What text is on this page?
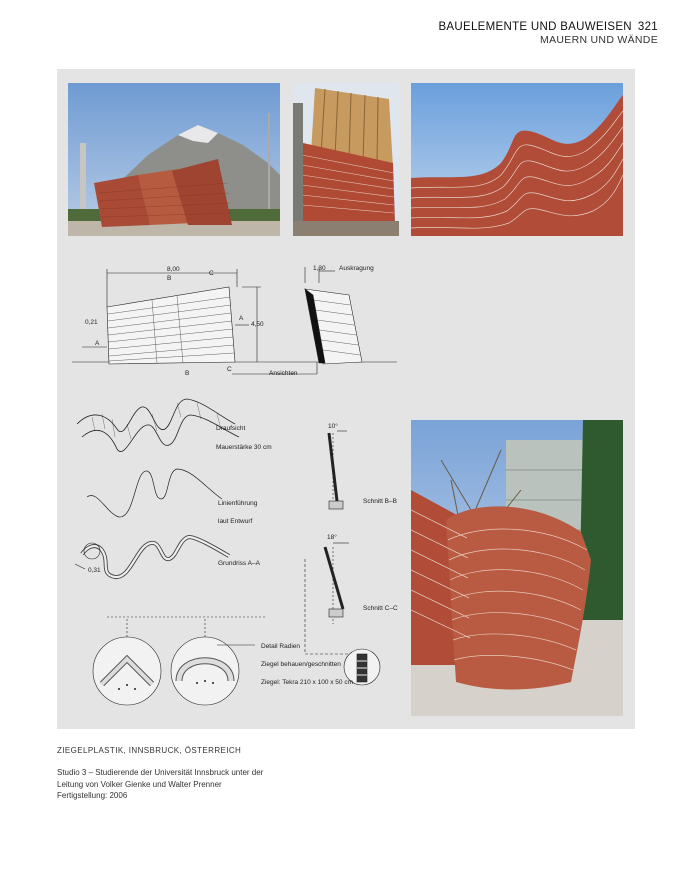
BAUELEMENTE UND BAUWEISEN 321
MAUERN UND WÄNDE
8,00
B
C
1,30 Auskragung
0,21
A
4,50
A
B
C
Ansichten
Draufsicht
Mauerstärke 30 cm
Linienführung
laut Entwurf
Grundriss A–A
0,31
10°
Schnitt B–B
18°
Schnitt C–C
Detail Radien
Ziegel behauen/geschnitten
Ziegel: Tekra 210 x 100 x 50 cm
ZIEGELPLASTIK, INNSBRUCK, ÖSTERREICH
Studio 3 – Studierende der Universität Innsbruck unter der
Leitung von Volker Gienke und Walter Prenner
Fertigstellung: 2006
